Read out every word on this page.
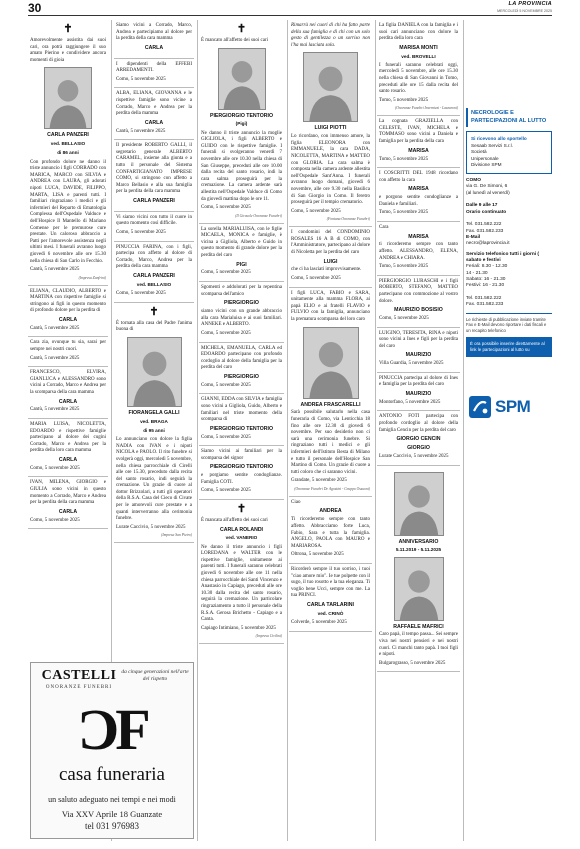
30	LA PROVINCIA
MERCOLEDÌ 5 NOVEMBRE 2025
✝

Amorevolmente assistita dai suoi cari, ora potrà raggiungere il suo amato Pierino e condividere ancora momenti di gioia

CARLA PANZERI
ved. BELLASIO
di 86 anni

Con profondo dolore ne danno il triste annuncio i figli CORRADO con MARICA, MARCO con SILVIA e ANDREA con LAURA, gli adorati nipoti LUCA, DAVIDE, FILIPPO, MARTA, LISA e parenti tutti. I familiari ringraziano i medici e gli infermieri del Reparto di Ematologia Complessa dell'Ospedale Valduce e dell'Hospice Il Mantello di Mariano Comense per le premurose cure prestate. Un caloroso abbraccio a Patti per l'amorevole assistenza negli ultimi mesi. I funerali avranno luogo giovedì 6 novembre alle ore 15.30 nella chiesa di San Carlo in Fecchio.

Cantù, 5 novembre 2025
(Impresa Zanfrini)

ELIANA, CLAUDIO, ALBERTO e MARTINA con rispettive famiglie si stringono ai figli in questo momento di profondo dolore per la perdita di

CARLA
Cantù, 5 novembre 2025

Cara zia, ovunque tu sia, sarai per sempre nei nostri cuori.

Cantù, 5 novembre 2025

FRANCESCO, ELVIRA, GIANLUCA e ALESSANDRO sono vicini a Corrado, Marco e Andrea per la scomparsa della cara mamma

CARLA
Cantù, 5 novembre 2025

MARIA LUISA, NICOLETTA, EDOARDO e rispettive famiglie partecipano al dolore dei cugini Corrado, Marco e Andrea per la perdita della loro cara mamma

CARLA
Como, 5 novembre 2025

IVAN, MILENA, GIORGIO e GIULIA sono vicini in questo momento a Corrado, Marco e Andrea per la perdita della cara mamma

CARLA
Como, 5 novembre 2025

Siamo vicini a Corrado, Marco, Andrea e partecipiamo al dolore per la perdita della cara mamma

CARLA

I dipendenti della EFFEBI ARREDAMENTI.

Como, 5 novembre 2025

ALBA, ELIANA, GIOVANNA e le rispettive famiglie sono vicine a Corrado, Marco e Andrea per la perdita della mamma

CARLA
Cantù, 5 novembre 2025

Il presidente ROBERTO GALLI, il segretario generale ALBERTO CARAMEL, insieme alla giunta e a tutto il personale del Sistema CONFARTIGIANATO IMPRESE COMO, si stringono con affetto a Marco Bellasio e alla sua famiglia per la perdita della cara mamma

CARLA PANZERI

Vi siamo vicini con tutto il cuore in questo momento così difficile.

Como, 5 novembre 2025

PINUCCIA FARINA, con i figli, partecipa con affetto al dolore di Corrado, Marco, Andrea per la perdita della cara mamma

CARLA PANZERI
ved. BELLASIO
Como, 5 novembre 2025
✝

È tornata alla casa del Padre l'anima buona di

FIORANGELA GALLI
ved. BRAGA
di 95 anni

Lo annunciano con dolore la figlia NADIA con IVAN e i nipoti NICOLA e PAOLO. Il rito funebre si svolgerà oggi, mercoledì 5 novembre, nella chiesa parrocchiale di Cirelli alle ore 15.30, preceduto dalla recita del santo rosario, indi seguirà la cremazione. Un grazie di cuore al dottor Brizzolari, a tutti gli operatori della R.S.A. Casa del Cieco di Civate per le amorevoli cure prestate e a quanti interverranno alla cerimonia funebre.

Lurate Caccivio, 5 novembre 2025
(Impresa San Pietro)
✝

È mancato all'affetto dei suoi cari

PIERGIORGIO TENTORIO
(Pigi)

Ne danno il triste annuncio la moglie GIGLIOLA, i figli ALBERTO e GUIDO con le rispettive famiglie. I funerali si svolgeranno venerdì 7 novembre alle ore 10.30 nella chiesa di San Giuseppe, preceduti alle ore 10.00 dalla recita del santo rosario, indi la cara salma proseguirà per la cremazione. La camera ardente sarà allestita nell'Ospedale Valduce di Como da giovedì mattina dopo le ore 11.

Como, 5 novembre 2025
(Il Girasole Onoranze Funebri)

La sorella MARIALUISA, con le figlie MICAELA, MONICA e famiglie, è vicina a Gigliola, Alberto e Guido in questo momento di grande dolore per la perdita del caro

PIGI
Como, 5 novembre 2025

Sgomenti e addolorati per la repentina scomparsa dell'amico

PIERGIORGIO

siamo vicini con un grande abbraccio alla cara Marialuisa e ai suoi familiari. ANNEKE e ALBERTO.

Como, 5 novembre 2025

MICHELA, EMANUELA, CARLA ed EDOARDO partecipano con profondo cordoglio al dolore della famiglia per la perdita del caro

PIERGIORGIO
Como, 5 novembre 2025

GIANNI, EDDA con SILVIA e famiglia sono vicini a Gigliola, Guido, Alberto e familiari nel triste momento della scomparsa di

PIERGIORGIO TENTORIO
Como, 5 novembre 2025

Siamo vicini ai familiari per la scomparsa del signor

PIERGIORGIO TENTORIO

e porgiamo sentite condoglianze. Famiglia COTI.

Como, 5 novembre 2025
✝

È mancata all'affetto dei suoi cari

CARLA ROLANDI
ved. VANERIO

Ne danno il triste annuncio i figli LOREDANA e WALTER con le rispettive famiglie, unitamente ai parenti tutti. I funerali saranno celebrati giovedì 6 novembre alle ore 11 nella chiesa parrocchiale dei Santi Vincenzo e Anastasio in Capiago, preceduti alle ore 10.30 dalla recita del santo rosario, seguirà la cremazione. Un particolare ringraziamento a tutto il personale della R.S.A. Gerosa Brichetto - Capiago e a Canta.

Capiago Intimiano, 5 novembre 2025
(Impresa Civilini)

Rimarrà nei cuori di chi ha fatto parte della sua famiglia e di chi con un solo gesto di gentilezza o un sorriso non l'ha mai lasciata sola.

LUIGI PIOTTI

Lo ricordano, con immenso amore, la figlia ELEONORA con EMMANUELE, la cara DADA, NICOLETTA, MARTINA e MATTEO con GLORIA. La cara salma è composta nella camera ardente allestita nell'Ospedale Sant'Anna. I funerali avranno luogo domani, giovedì 6 novembre, alle ore 9.30 nella Basilica di San Giorgio in Como. Il feretro proseguirà per il tempio crematorio.

Como, 5 novembre 2025
(Fontana Onoranze Funebri)

I condomini del CONDOMINIO ROSALES 16 A B di COMO, con l'Amministratore, partecipano al dolore di Nicoletta per la perdita del caro

LUIGI

che ci ha lasciati improvvisamente.

Como, 5 novembre 2025

I figli LUCA, FABIO e SARA, unitamente alla mamma FLORA, ai papà ELIO e ai fratelli FLAVIO e FULVIO con la famiglia, annunciano la prematura scomparsa del loro caro

ANDREA FRASCARELLI

Sarà possibile salutarlo nella casa funeraria di Como, via Lenticchia 18 fino alle ore 12.30 di giovedì 6 novembre. Per suo desiderio non ci sarà una cerimonia funebre. Si ringraziano tutti i medici e gli infermieri dell'Istituto Besta di Milano e tutto il personale dell'Hospice San Martino di Como. Un grazie di cuore a tutti coloro che ci saranno vicini.

Grandate, 5 novembre 2025
(Onoranze Funebri De Agostini - Gruppo Ossuoni)

Ciao

ANDREA

Ti ricorderemo sempre con tanto affetto. Abbracciamo forte Luca, Fabio, Sara e tutta la famiglia. ANGELO, PAOLA con MAURO e MARIAROSA.

Oltrona, 5 novembre 2025

Ricorderò sempre il tuo sorriso, i tuoi "ciao amore mio". Ie tue polpette con il sugo, il tuo rosotto e la tua eleganza. Ti voglio bene Ucci, sempre con me. La tua PRINCI.

CARLA TARLARINI
ved. CRINÒ
Colverde, 5 novembre 2025

La figlia DANIELA con la famiglia e i suoi cari annunciano con dolore la perdita della loro cara

MARISA MONTI
ved. BROVELLI

I funerali saranno celebrati oggi, mercoledì 5 novembre, alle ore 15.30 nella chiesa di San Giovanni in Tomo, preceduti alle ore 15 dalla recita del santo rosario.

Tomo, 5 novembre 2025
(Onoranze Funebri Invernizzi - Lazzaroni)

La cognata GRAZIELLA con CELESTE, IVAN, MICHELA e TOMMASO sono vicini a Daniela e famiglia per la perdita della cara

MARISA
Tomo, 5 novembre 2025

I COSCRITTI DEL 1948 ricordano con affetto la cara

MARISA

e porgono sentite condoglianze a Daniela e familiari.

Tomo, 5 novembre 2025

Cara

MARISA

ti ricorderemo sempre con tanto affetto. ALESSANDRO, ELENA, ANDREA e CHIARA.

Tomo, 5 novembre 2025

PIERGIORGIO LURASCHI e i figli ROBERTO, STEFANO, MATTEO partecipano con commozione al vostro dolore.

MAURIZIO BOSISIO
Como, 5 novembre 2025

LUIGINO, TERESITA, RINA e nipoti sono vicini a Ines e figli per la perdita del caro

MAURIZIO
Villa Guardia, 5 novembre 2025

PINUCCIA partecipa al dolore di Ines e famiglia per la perdita del caro

MAURIZIO
Montorfano, 5 novembre 2025

ANTONIO FOTI partecipa con profondo cordoglio al dolore della famiglia Cencin per la perdita del caro

GIORGIO CENCIN
GIORGIO
Lurate Caccivio, 5 novembre 2025
ANNIVERSARIO
5.11.2019 - 5.11.2025
RAFFAELE MAFRICI

Caro papà, il tempo passa... Sei sempre viva nei nostri pensieri e nei nostri cuori. Ci manchi tanto papà. I tuoi figli e nipoti.

Bulgarograsso, 5 novembre 2025
NECROLOGIE E PARTECIPAZIONI AL LUTTO
Si ricevono allo sportello
Sesaab Servizi S.r.l.
Società
Unipersonale
Divisione SPM
COMO
via G. De Simoni, 6
(al lunedì al venerdì)

Dalle 9 alle 17
Orario continuato

Tel. 031.582.222
Fax. 031.582.233

E-Mail
necro@laprovincia.it
Servizio telefonico tutti i giorni ( sabato e festivi
Feriali: 8.30 - 12.30
14 - 21.30
Sabato: 16 - 21.30
Festivi: 16 - 21.30

Tel. 031.582.222
Fax. 031.582.233
Le richieste di pubblicazione inviate tramite Fax e E-Mail devono riportare i dati fiscali e un recapito telefonico
È ora possibile inserire direttamente al link le partecipazioni al lutto su
SPM
CASTELLI
ONORANZE FUNEBRI
da cinque generazioni nell'arte del rispetto
ƆF
casa funeraria
un saluto adeguato nei tempi e nei modi
Via XXV Aprile 18 Guanzate
tel 031 976983
